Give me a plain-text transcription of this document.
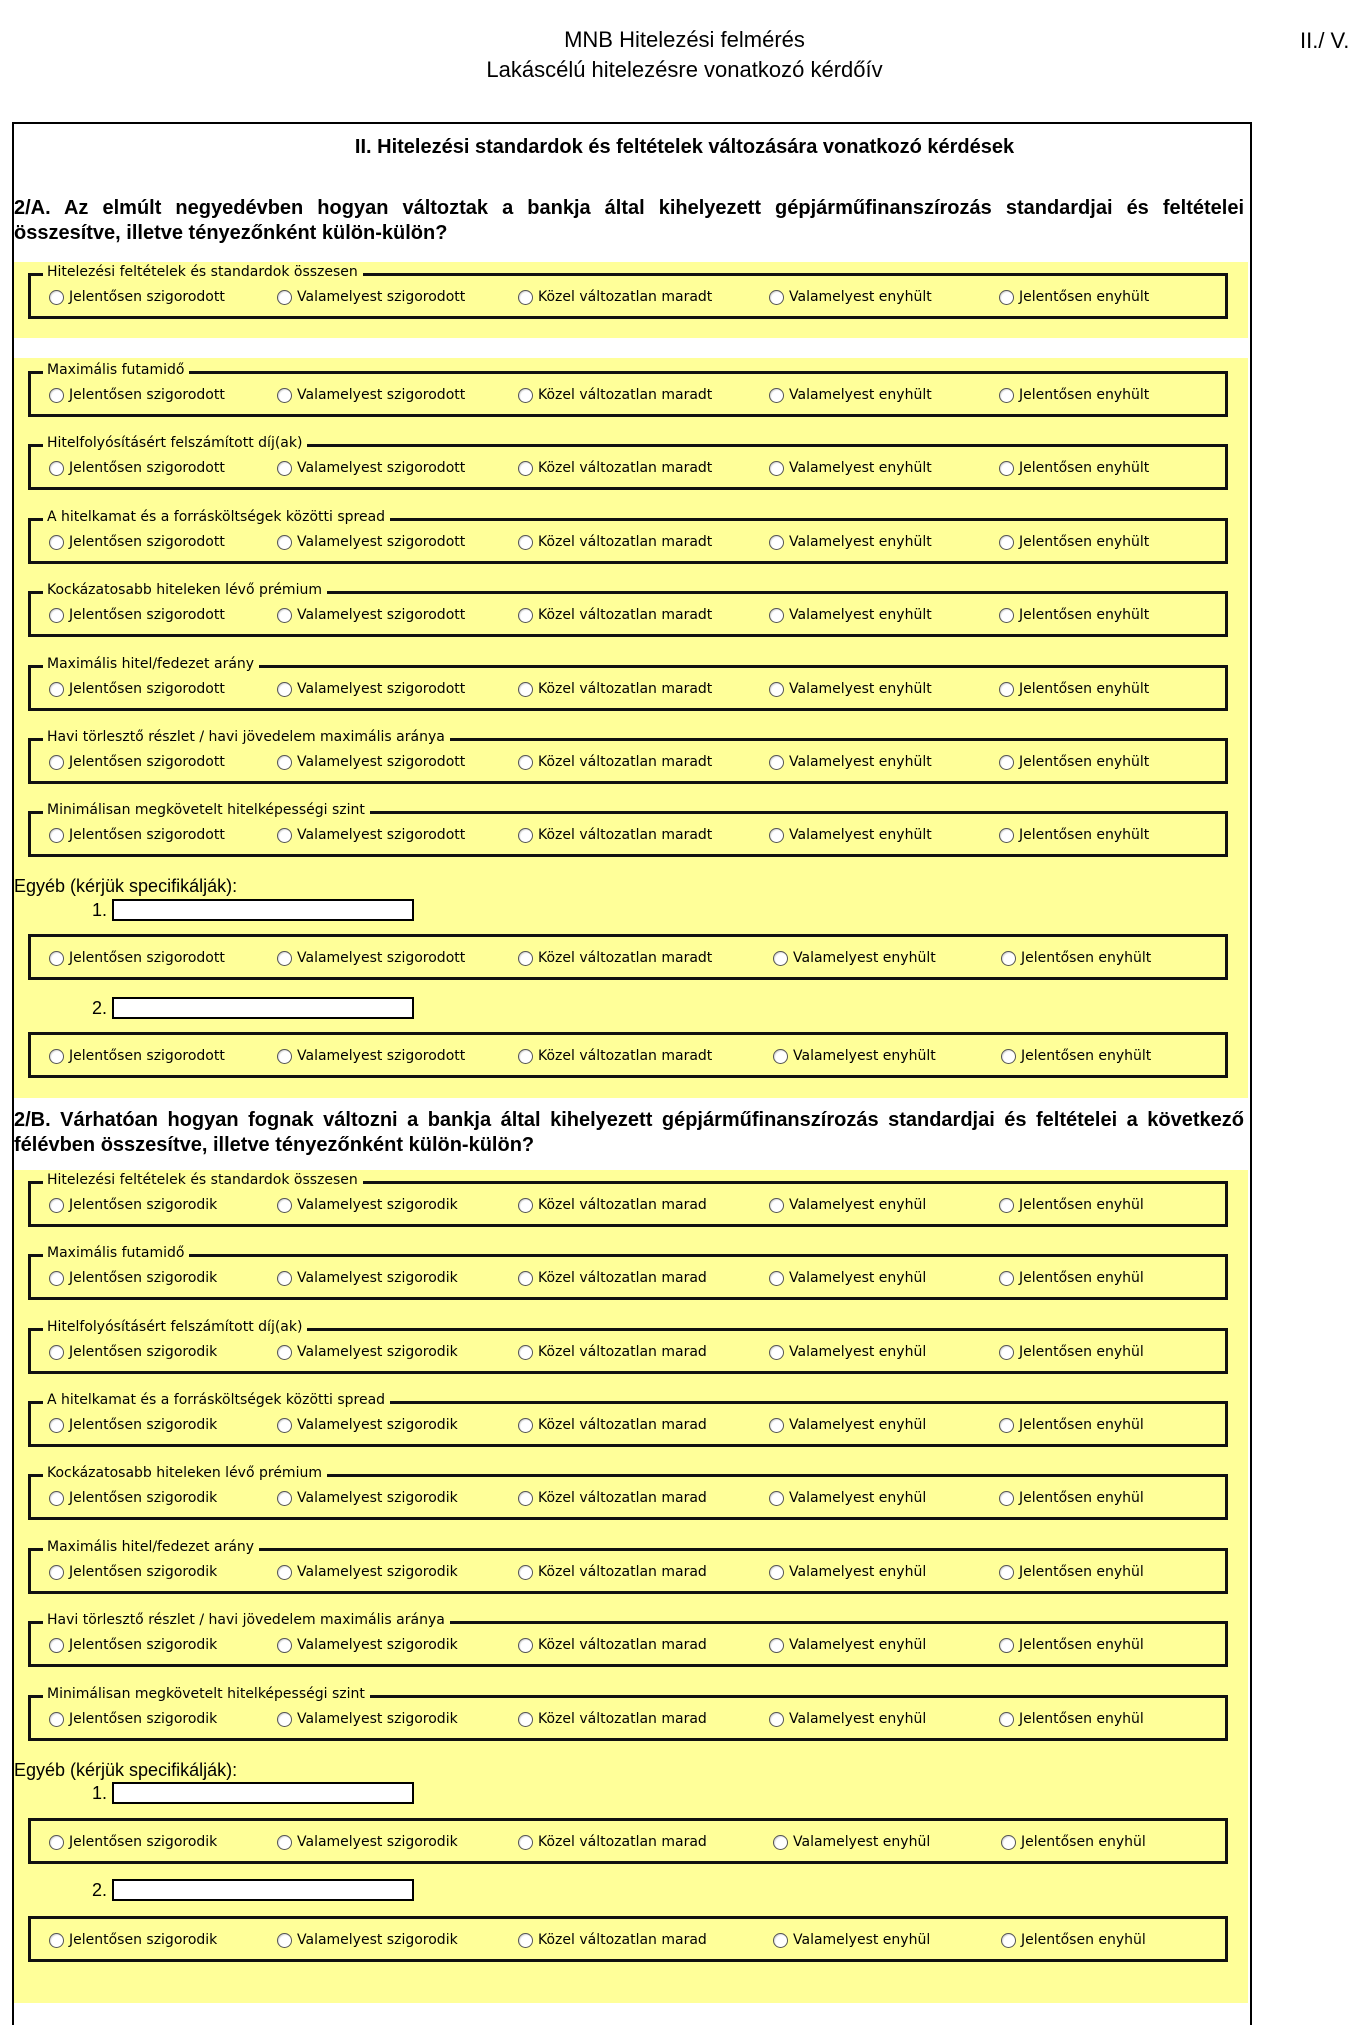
MNB Hitelezési felmérés
Lakáscélú hitelezésre vonatkozó kérdőív
II./ V.
II. Hitelezési standardok és feltételek változására vonatkozó kérdések
2/A. Az elmúlt negyedévben hogyan változtak a bankja által kihelyezett gépjárműfinanszírozás standardjai és feltételei összesítve, illetve tényezőnként külön-külön?
Hitelezési feltételek és standardok összesen
Jelentősen szigorodott	Valamelyest szigorodott	Közel változatlan maradt	Valamelyest enyhült	Jelentősen enyhült
Maximális futamidő
Jelentősen szigorodott	Valamelyest szigorodott	Közel változatlan maradt	Valamelyest enyhült	Jelentősen enyhült
Hitelfolyósításért felszámított díj(ak)
Jelentősen szigorodott	Valamelyest szigorodott	Közel változatlan maradt	Valamelyest enyhült	Jelentősen enyhült
A hitelkamat és a forrásköltségek közötti spread
Jelentősen szigorodott	Valamelyest szigorodott	Közel változatlan maradt	Valamelyest enyhült	Jelentősen enyhült
Kockázatosabb hiteleken lévő prémium
Jelentősen szigorodott	Valamelyest szigorodott	Közel változatlan maradt	Valamelyest enyhült	Jelentősen enyhült
Maximális hitel/fedezet arány
Jelentősen szigorodott	Valamelyest szigorodott	Közel változatlan maradt	Valamelyest enyhült	Jelentősen enyhült
Havi törlesztő részlet / havi jövedelem maximális aránya
Jelentősen szigorodott	Valamelyest szigorodott	Közel változatlan maradt	Valamelyest enyhült	Jelentősen enyhült
Minimálisan megkövetelt hitelképességi szint
Jelentősen szigorodott	Valamelyest szigorodott	Közel változatlan maradt	Valamelyest enyhült	Jelentősen enyhült
Jelentősen szigorodott	Valamelyest szigorodott	Közel változatlan maradt	Valamelyest enyhült	Jelentősen enyhült
Jelentősen szigorodott	Valamelyest szigorodott	Közel változatlan maradt	Valamelyest enyhült	Jelentősen enyhült
2/B. Várhatóan hogyan fognak változni a bankja által kihelyezett gépjárműfinanszírozás standardjai és feltételei a következő félévben összesítve, illetve tényezőnként külön-külön?
Hitelezési feltételek és standardok összesen
Jelentősen szigorodik	Valamelyest szigorodik	Közel változatlan marad	Valamelyest enyhül	Jelentősen enyhül
Maximális futamidő
Jelentősen szigorodik	Valamelyest szigorodik	Közel változatlan marad	Valamelyest enyhül	Jelentősen enyhül
Hitelfolyósításért felszámított díj(ak)
Jelentősen szigorodik	Valamelyest szigorodik	Közel változatlan marad	Valamelyest enyhül	Jelentősen enyhül
A hitelkamat és a forrásköltségek közötti spread
Jelentősen szigorodik	Valamelyest szigorodik	Közel változatlan marad	Valamelyest enyhül	Jelentősen enyhül
Kockázatosabb hiteleken lévő prémium
Jelentősen szigorodik	Valamelyest szigorodik	Közel változatlan marad	Valamelyest enyhül	Jelentősen enyhül
Maximális hitel/fedezet arány
Jelentősen szigorodik	Valamelyest szigorodik	Közel változatlan marad	Valamelyest enyhül	Jelentősen enyhül
Havi törlesztő részlet / havi jövedelem maximális aránya
Jelentősen szigorodik	Valamelyest szigorodik	Közel változatlan marad	Valamelyest enyhül	Jelentősen enyhül
Minimálisan megkövetelt hitelképességi szint
Jelentősen szigorodik	Valamelyest szigorodik	Közel változatlan marad	Valamelyest enyhül	Jelentősen enyhül
Jelentősen szigorodik	Valamelyest szigorodik	Közel változatlan marad	Valamelyest enyhül	Jelentősen enyhül
Jelentősen szigorodik	Valamelyest szigorodik	Közel változatlan marad	Valamelyest enyhül	Jelentősen enyhül
Egyéb (kérjük specifikálják):
1.
2.
Egyéb (kérjük specifikálják):
1.
2.
